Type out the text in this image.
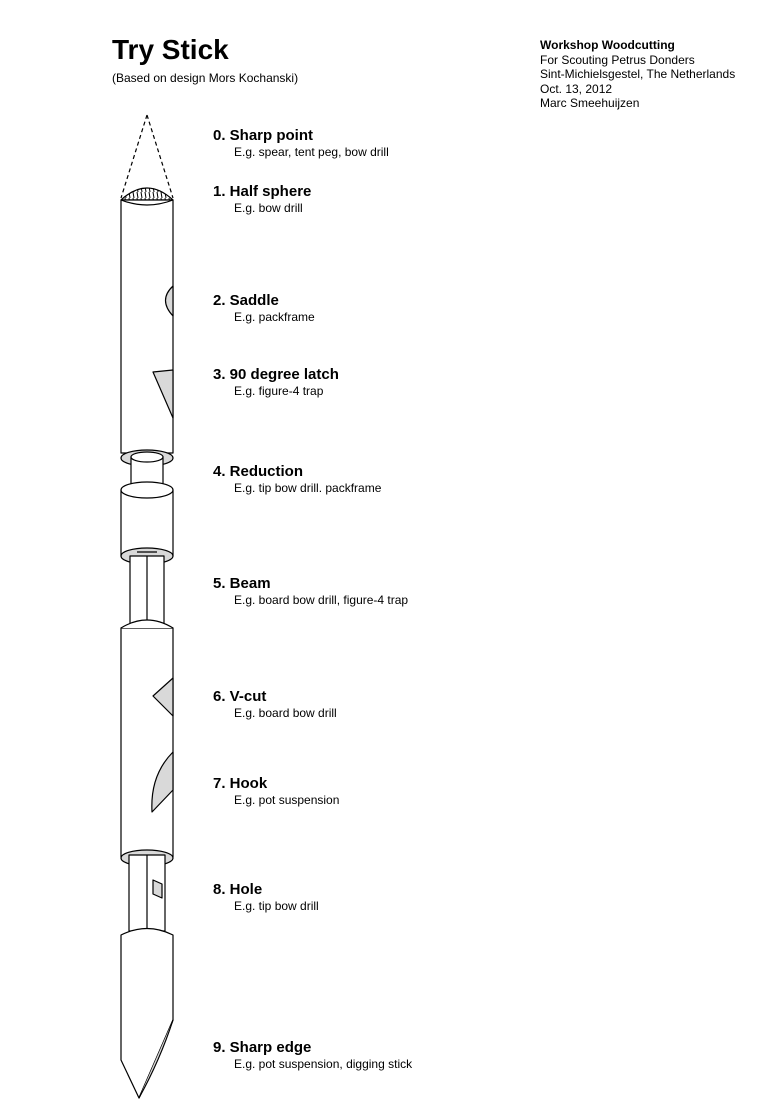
Try Stick
(Based on design Mors Kochanski)
Workshop Woodcutting
For Scouting Petrus Donders
Sint-Michielsgestel, The Netherlands
Oct. 13, 2012
Marc Smeehuijzen
0. Sharp point
E.g. spear, tent peg, bow drill
1. Half sphere
E.g. bow drill
2. Saddle
E.g. packframe
3. 90 degree latch
E.g. figure-4 trap
4. Reduction
E.g. tip bow drill. packframe
5. Beam
E.g. board bow drill, figure-4 trap
6. V-cut
E.g. board bow drill
7. Hook
E.g. pot suspension
8. Hole
E.g. tip bow drill
9. Sharp edge
E.g. pot suspension, digging stick
